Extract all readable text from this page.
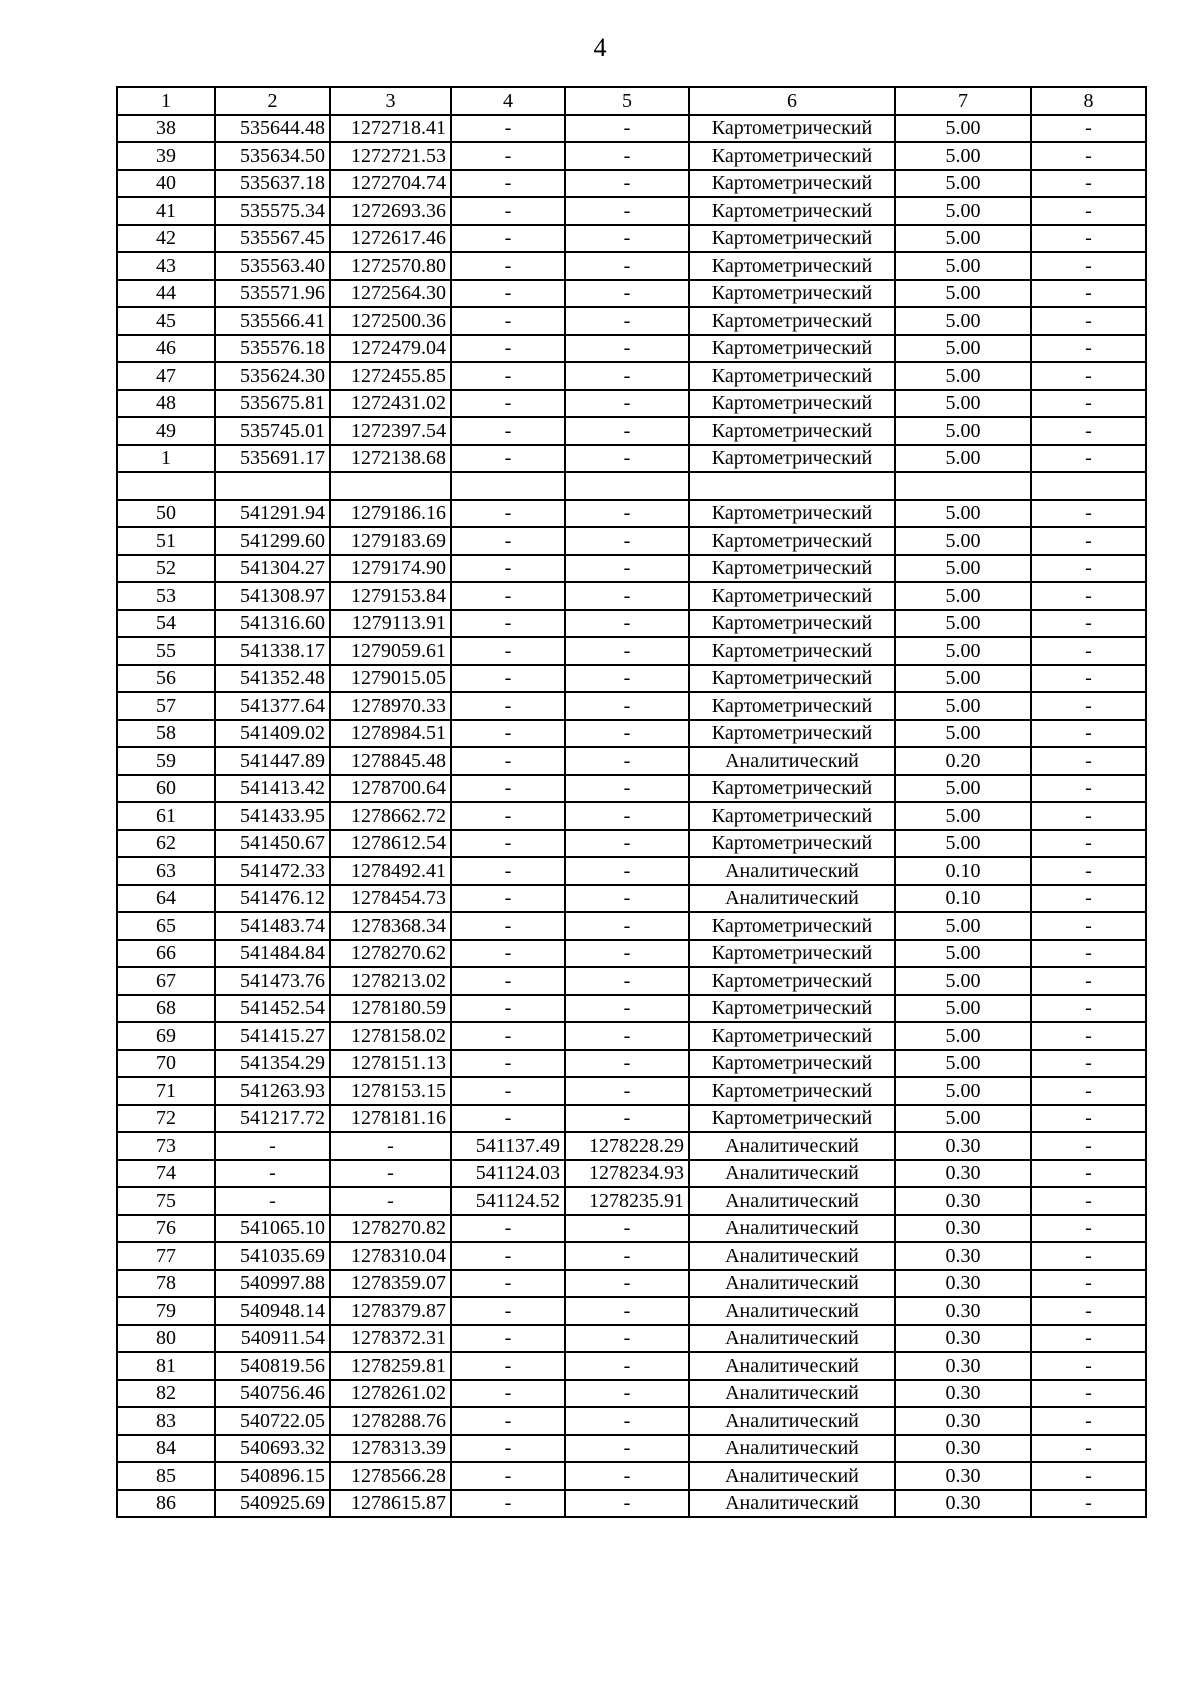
4
1	2	3	4	5	6	7	8
38	535644.48	1272718.41	-	-	Картометрический	5.00	-
39	535634.50	1272721.53	-	-	Картометрический	5.00	-
40	535637.18	1272704.74	-	-	Картометрический	5.00	-
41	535575.34	1272693.36	-	-	Картометрический	5.00	-
42	535567.45	1272617.46	-	-	Картометрический	5.00	-
43	535563.40	1272570.80	-	-	Картометрический	5.00	-
44	535571.96	1272564.30	-	-	Картометрический	5.00	-
45	535566.41	1272500.36	-	-	Картометрический	5.00	-
46	535576.18	1272479.04	-	-	Картометрический	5.00	-
47	535624.30	1272455.85	-	-	Картометрический	5.00	-
48	535675.81	1272431.02	-	-	Картометрический	5.00	-
49	535745.01	1272397.54	-	-	Картометрический	5.00	-
1	535691.17	1272138.68	-	-	Картометрический	5.00	-

50	541291.94	1279186.16	-	-	Картометрический	5.00	-
51	541299.60	1279183.69	-	-	Картометрический	5.00	-
52	541304.27	1279174.90	-	-	Картометрический	5.00	-
53	541308.97	1279153.84	-	-	Картометрический	5.00	-
54	541316.60	1279113.91	-	-	Картометрический	5.00	-
55	541338.17	1279059.61	-	-	Картометрический	5.00	-
56	541352.48	1279015.05	-	-	Картометрический	5.00	-
57	541377.64	1278970.33	-	-	Картометрический	5.00	-
58	541409.02	1278984.51	-	-	Картометрический	5.00	-
59	541447.89	1278845.48	-	-	Аналитический	0.20	-
60	541413.42	1278700.64	-	-	Картометрический	5.00	-
61	541433.95	1278662.72	-	-	Картометрический	5.00	-
62	541450.67	1278612.54	-	-	Картометрический	5.00	-
63	541472.33	1278492.41	-	-	Аналитический	0.10	-
64	541476.12	1278454.73	-	-	Аналитический	0.10	-
65	541483.74	1278368.34	-	-	Картометрический	5.00	-
66	541484.84	1278270.62	-	-	Картометрический	5.00	-
67	541473.76	1278213.02	-	-	Картометрический	5.00	-
68	541452.54	1278180.59	-	-	Картометрический	5.00	-
69	541415.27	1278158.02	-	-	Картометрический	5.00	-
70	541354.29	1278151.13	-	-	Картометрический	5.00	-
71	541263.93	1278153.15	-	-	Картометрический	5.00	-
72	541217.72	1278181.16	-	-	Картометрический	5.00	-
73	-	-	541137.49	1278228.29	Аналитический	0.30	-
74	-	-	541124.03	1278234.93	Аналитический	0.30	-
75	-	-	541124.52	1278235.91	Аналитический	0.30	-
76	541065.10	1278270.82	-	-	Аналитический	0.30	-
77	541035.69	1278310.04	-	-	Аналитический	0.30	-
78	540997.88	1278359.07	-	-	Аналитический	0.30	-
79	540948.14	1278379.87	-	-	Аналитический	0.30	-
80	540911.54	1278372.31	-	-	Аналитический	0.30	-
81	540819.56	1278259.81	-	-	Аналитический	0.30	-
82	540756.46	1278261.02	-	-	Аналитический	0.30	-
83	540722.05	1278288.76	-	-	Аналитический	0.30	-
84	540693.32	1278313.39	-	-	Аналитический	0.30	-
85	540896.15	1278566.28	-	-	Аналитический	0.30	-
86	540925.69	1278615.87	-	-	Аналитический	0.30	-
